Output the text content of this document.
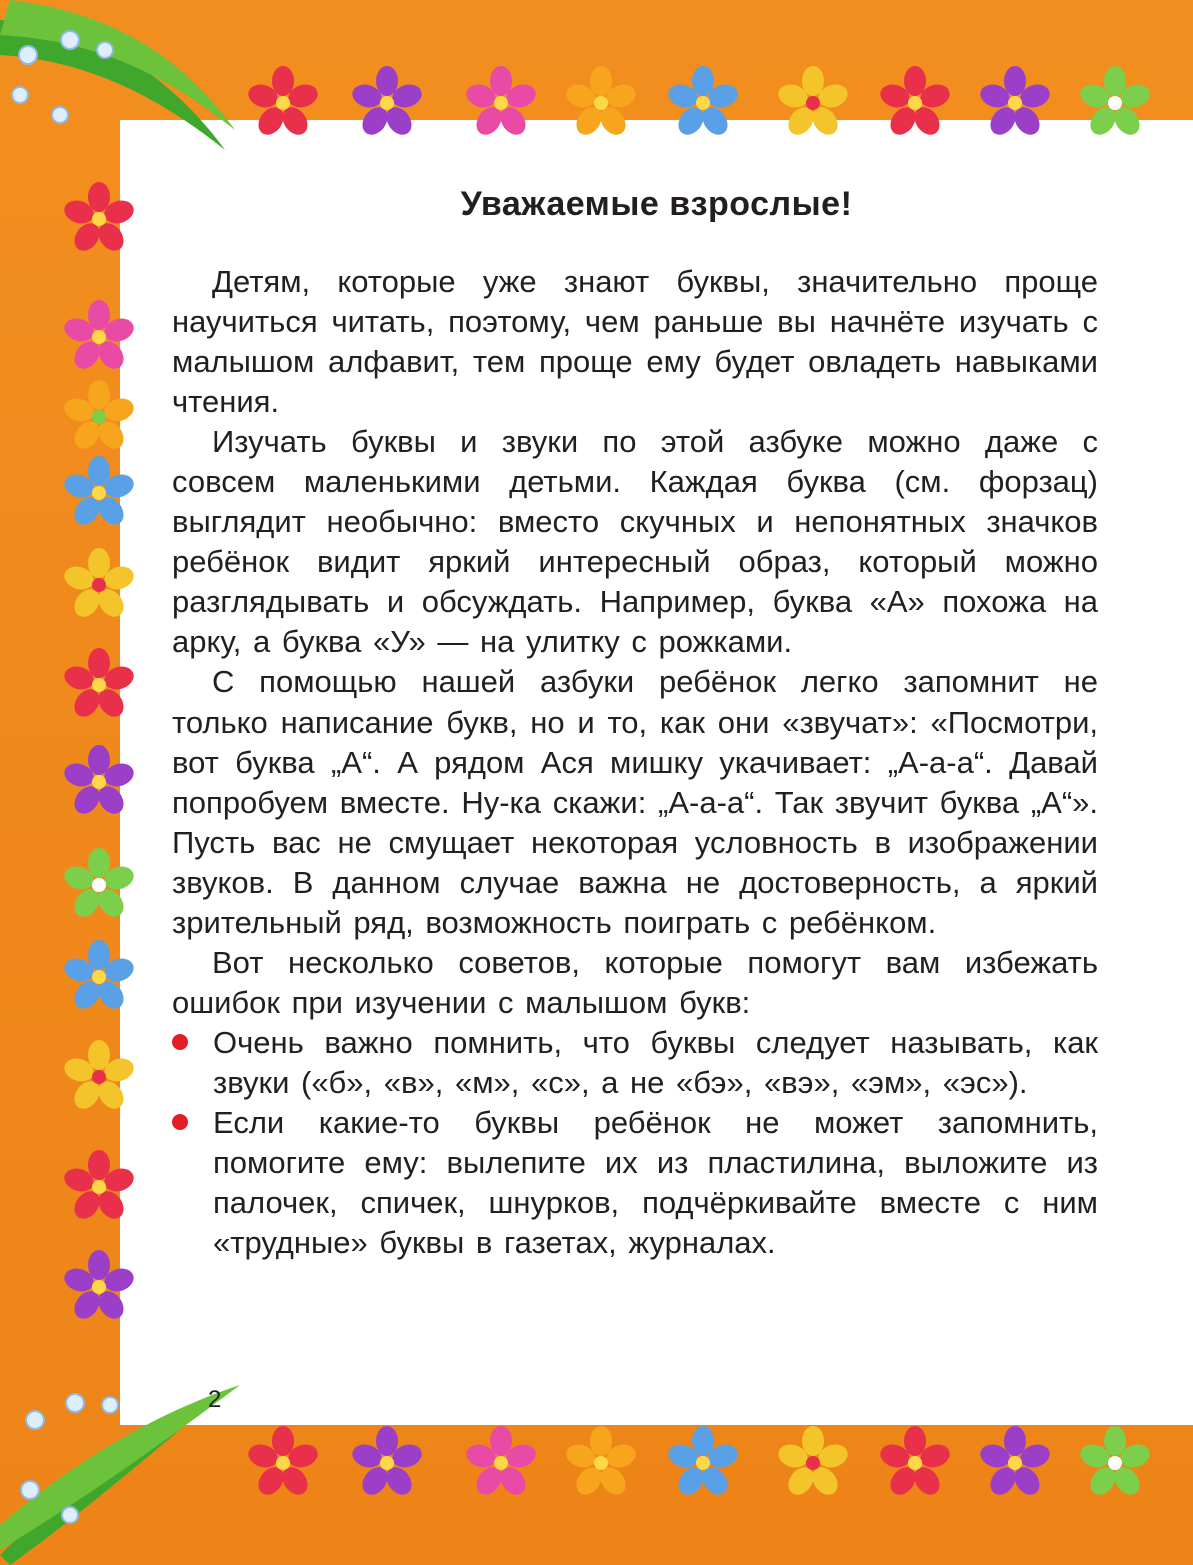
Уважаемые взрослые!

Детям, которые уже знают буквы, значительно проще научиться читать, поэтому, чем раньше вы начнёте изучать с малышом алфавит, тем проще ему будет овладеть навыками чтения.

Изучать буквы и звуки по этой азбуке можно даже с совсем маленькими детьми. Каждая буква (см. форзац) выглядит необычно: вместо скучных и непонятных значков ребёнок видит яркий интересный образ, который можно разглядывать и обсуждать. Например, буква «А» похожа на арку, а буква «У» — на улитку с рожками.

С помощью нашей азбуки ребёнок легко запомнит не только написание букв, но и то, как они «звучат»: «Посмотри, вот буква „А“. А рядом Ася мишку укачивает: „А-а-а“. Давай попробуем вместе. Ну-ка скажи: „А-а-а“. Так звучит буква „А“». Пусть вас не смущает некоторая условность в изображении звуков. В данном случае важна не достоверность, а яркий зрительный ряд, возможность поиграть с ребёнком.

Вот несколько советов, которые помогут вам избежать ошибок при изучении с малышом букв:

Очень важно помнить, что буквы следует называть, как звуки («б», «в», «м», «с», а не «бэ», «вэ», «эм», «эс»).
Если какие-то буквы ребёнок не может запомнить, помогите ему: вылепите их из пластилина, выложите из палочек, спичек, шнурков, подчёркивайте вместе с ним «трудные» буквы в газетах, журналах.
2
